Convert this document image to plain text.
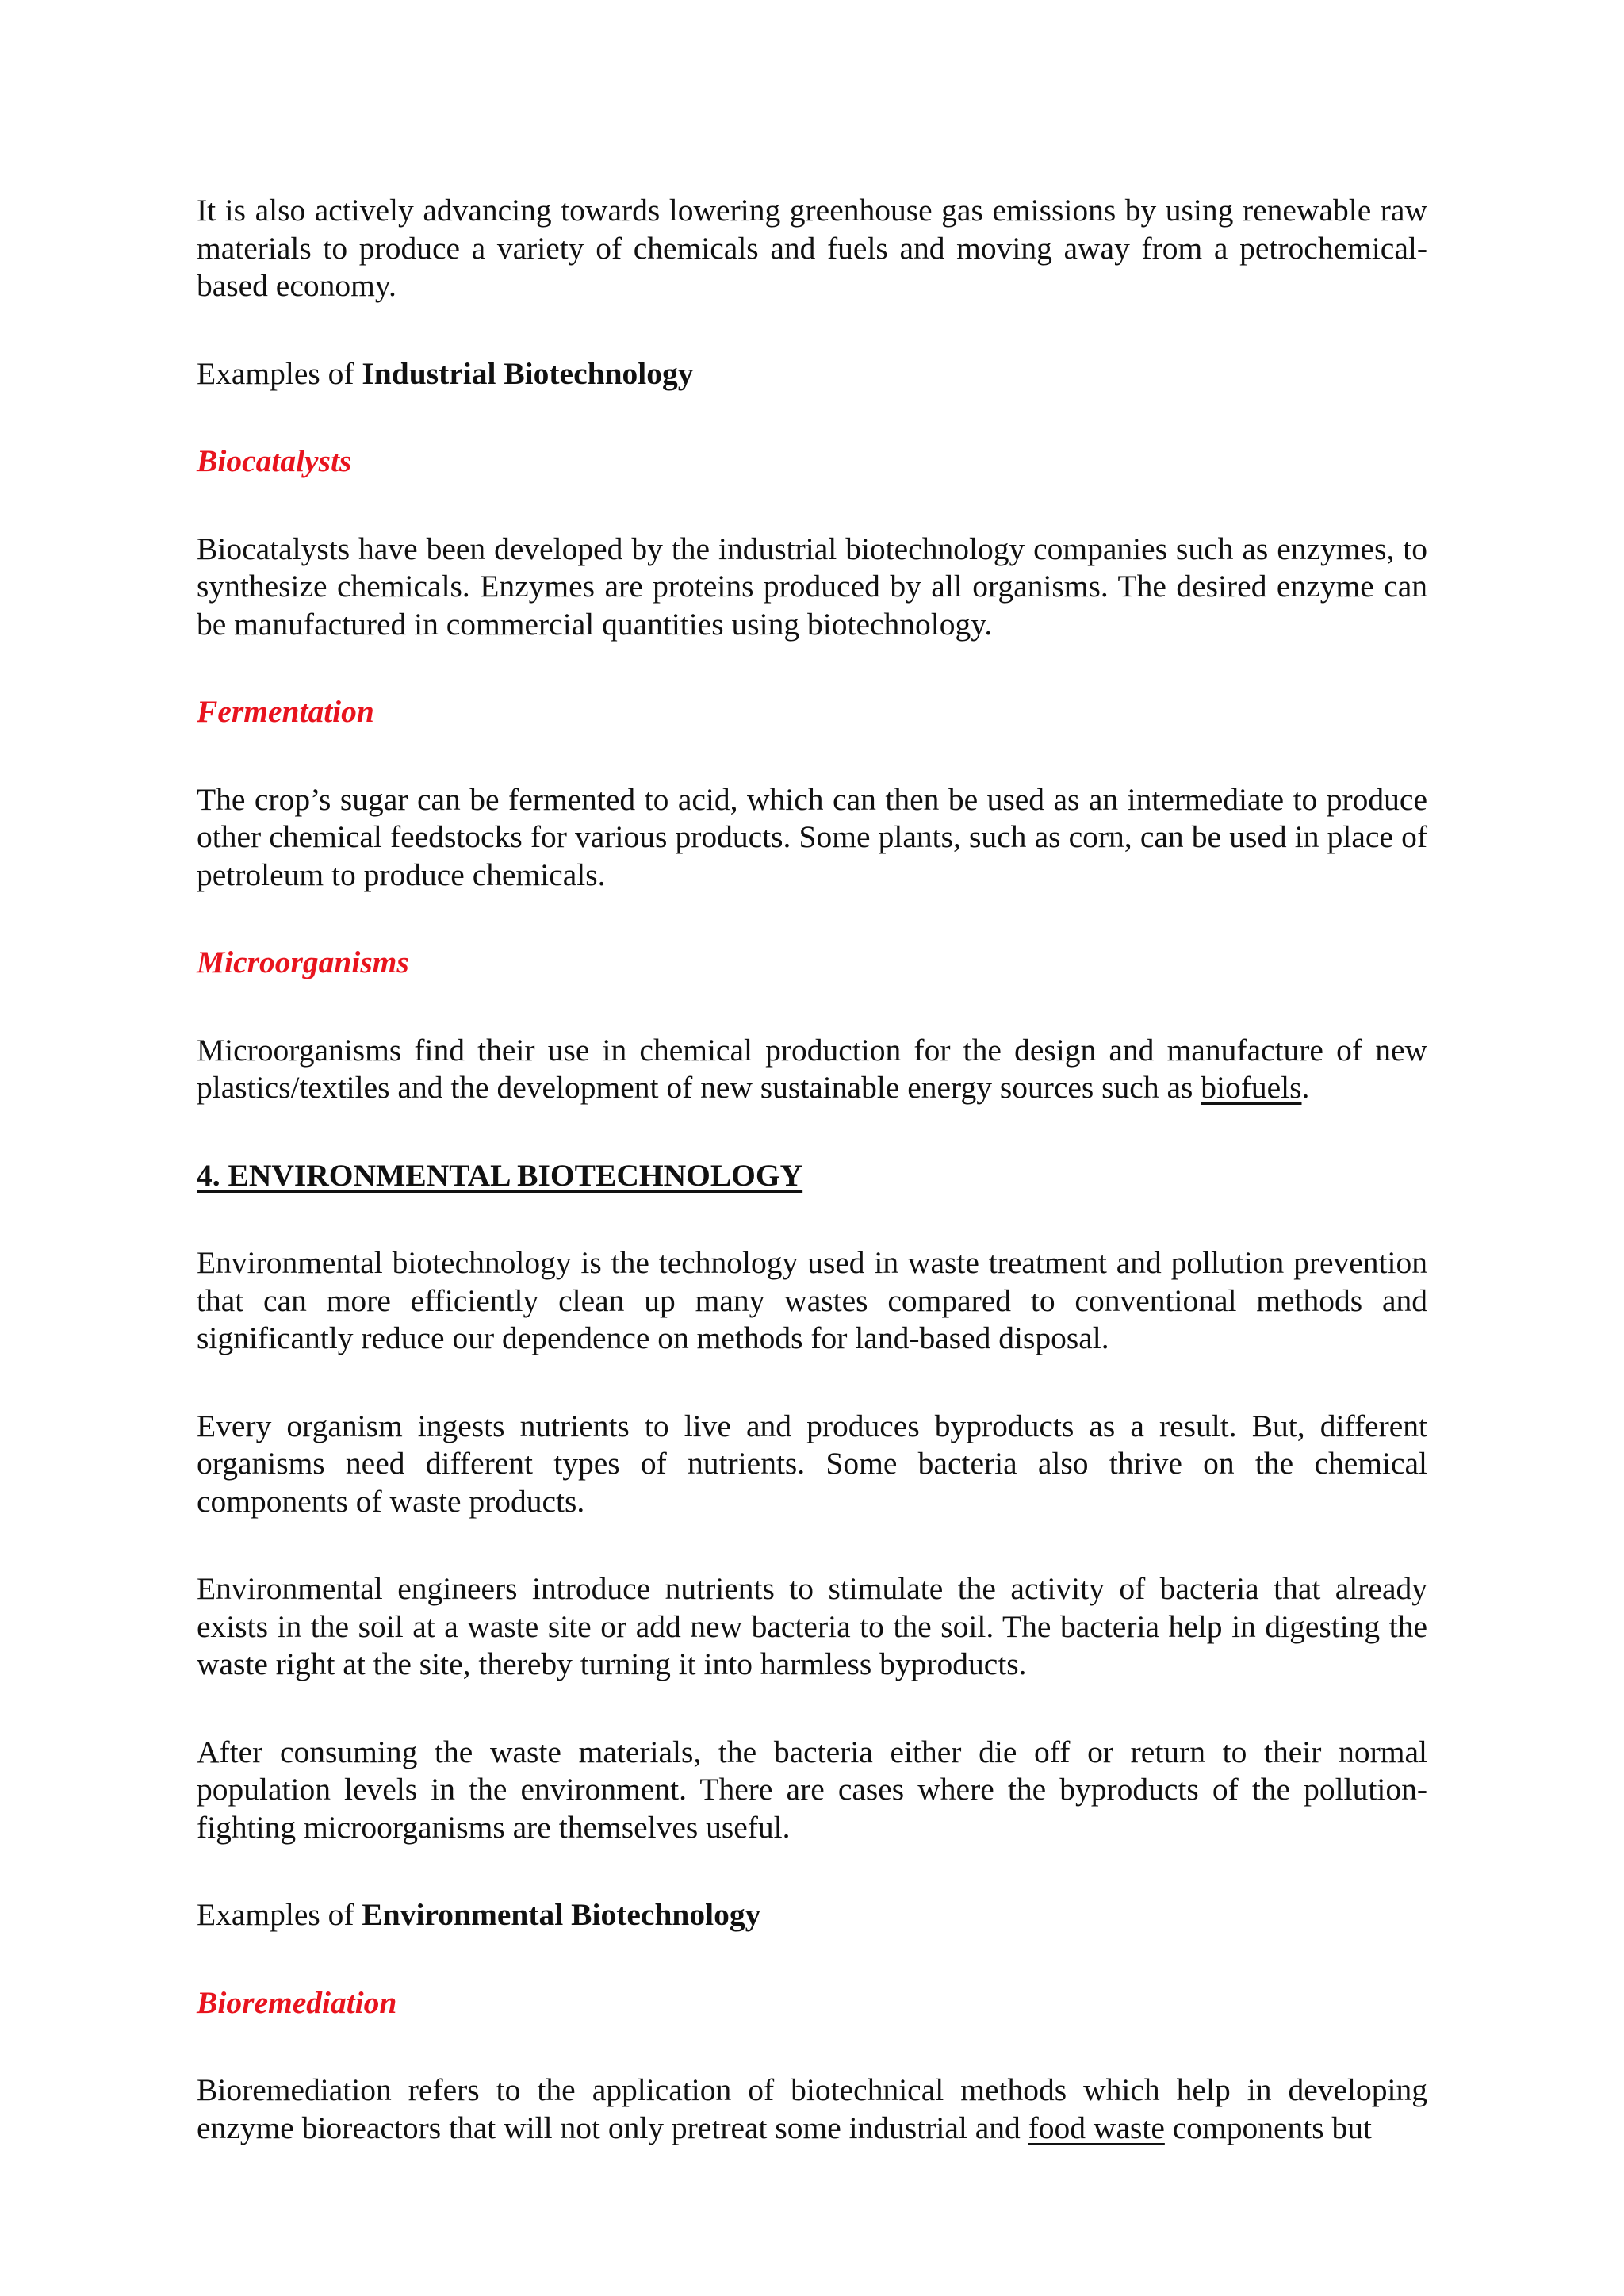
It is also actively advancing towards lowering greenhouse gas emissions by using renewable raw materials to produce a variety of chemicals and fuels and moving away from a petrochemical-based economy.

Examples of Industrial Biotechnology

Biocatalysts

Biocatalysts have been developed by the industrial biotechnology companies such as enzymes, to synthesize chemicals. Enzymes are proteins produced by all organisms. The desired enzyme can be manufactured in commercial quantities using biotechnology.

Fermentation

The crop’s sugar can be fermented to acid, which can then be used as an intermediate to produce other chemical feedstocks for various products. Some plants, such as corn, can be used in place of petroleum to produce chemicals.

Microorganisms

Microorganisms find their use in chemical production for the design and manufacture of new plastics/textiles and the development of new sustainable energy sources such as biofuels.

4. ENVIRONMENTAL BIOTECHNOLOGY

Environmental biotechnology is the technology used in waste treatment and pollution prevention that can more efficiently clean up many wastes compared to conventional methods and significantly reduce our dependence on methods for land-based disposal.

Every organism ingests nutrients to live and produces byproducts as a result. But, different organisms need different types of nutrients. Some bacteria also thrive on the chemical components of waste products.

Environmental engineers introduce nutrients to stimulate the activity of bacteria that already exists in the soil at a waste site or add new bacteria to the soil. The bacteria help in digesting the waste right at the site, thereby turning it into harmless byproducts.

After consuming the waste materials, the bacteria either die off or return to their normal population levels in the environment. There are cases where the byproducts of the pollution-fighting microorganisms are themselves useful.

Examples of Environmental Biotechnology

Bioremediation

Bioremediation refers to the application of biotechnical methods which help in developing enzyme bioreactors that will not only pretreat some industrial and food waste components but
